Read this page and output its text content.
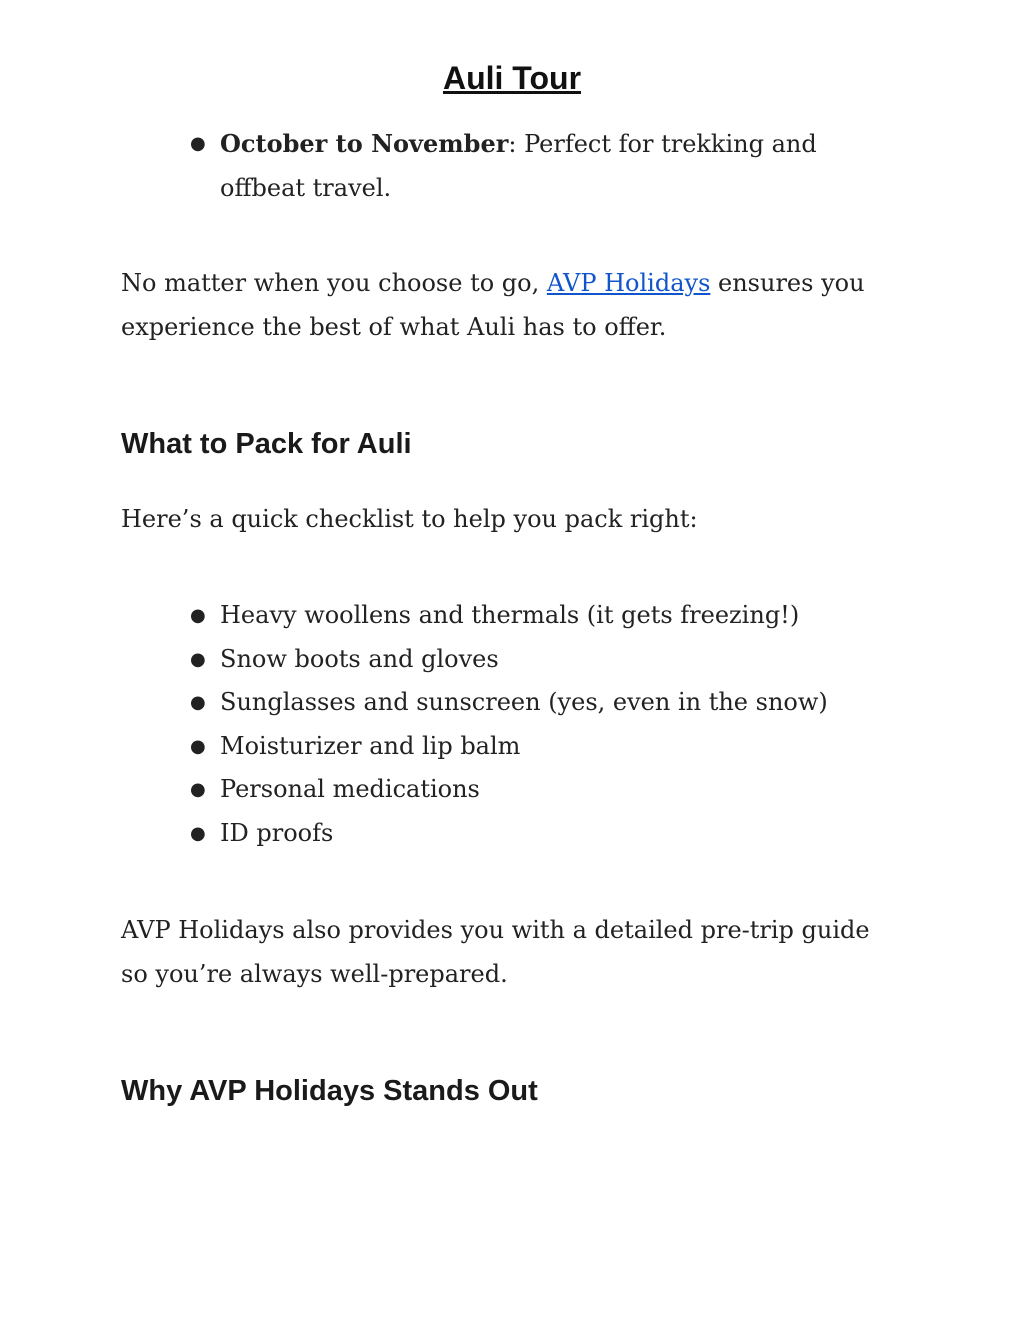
Auli Tour
● October to November: Perfect for trekking and offbeat travel.

No matter when you choose to go, AVP Holidays ensures you experience the best of what Auli has to offer.

What to Pack for Auli

Here’s a quick checklist to help you pack right:

● Heavy woollens and thermals (it gets freezing!)
● Snow boots and gloves
● Sunglasses and sunscreen (yes, even in the snow)
● Moisturizer and lip balm
● Personal medications
● ID proofs

AVP Holidays also provides you with a detailed pre-trip guide so you’re always well-prepared.

Why AVP Holidays Stands Out
